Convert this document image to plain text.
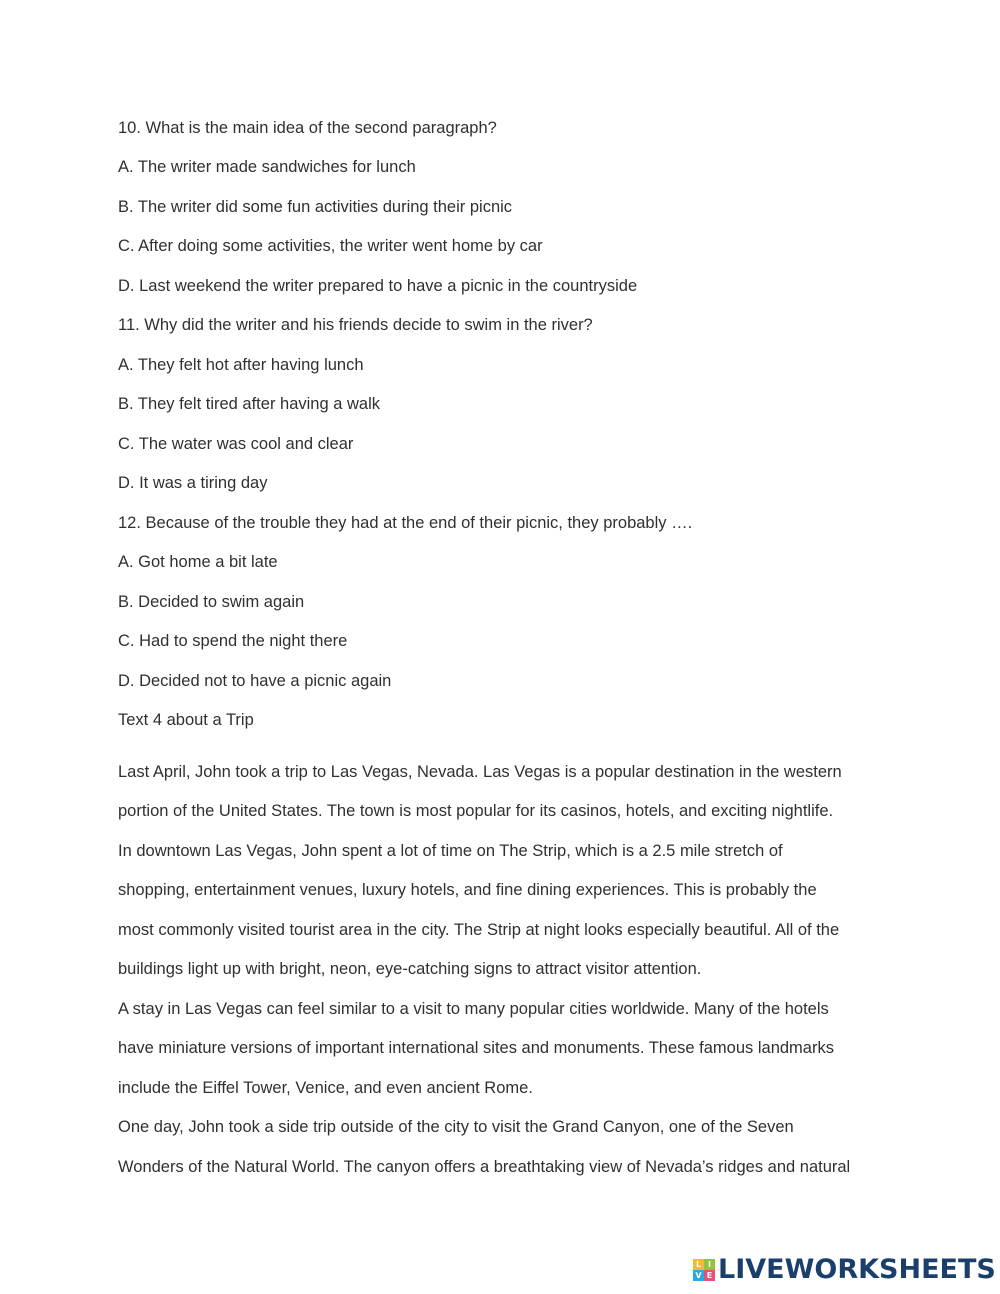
10. What is the main idea of the second paragraph?
A. The writer made sandwiches for lunch
B. The writer did some fun activities during their picnic
C. After doing some activities, the writer went home by car
D. Last weekend the writer prepared to have a picnic in the countryside
11. Why did the writer and his friends decide to swim in the river?
A. They felt hot after having lunch
B. They felt tired after having a walk
C. The water was cool and clear
D. It was a tiring day
12. Because of the trouble they had at the end of their picnic, they probably ….
A. Got home a bit late
B. Decided to swim again
C. Had to spend the night there
D. Decided not to have a picnic again
Text 4 about a Trip
Last April, John took a trip to Las Vegas, Nevada. Las Vegas is a popular destination in the western
portion of the United States. The town is most popular for its casinos, hotels, and exciting nightlife.
In downtown Las Vegas, John spent a lot of time on The Strip, which is a 2.5 mile stretch of
shopping, entertainment venues, luxury hotels, and fine dining experiences. This is probably the
most commonly visited tourist area in the city. The Strip at night looks especially beautiful. All of the
buildings light up with bright, neon, eye-catching signs to attract visitor attention.
A stay in Las Vegas can feel similar to a visit to many popular cities worldwide. Many of the hotels
have miniature versions of important international sites and monuments. These famous landmarks
include the Eiffel Tower, Venice, and even ancient Rome.
One day, John took a side trip outside of the city to visit the Grand Canyon, one of the Seven
Wonders of the Natural World. The canyon offers a breathtaking view of Nevada’s ridges and natural
L I
V E LIVEWORKSHEETS
